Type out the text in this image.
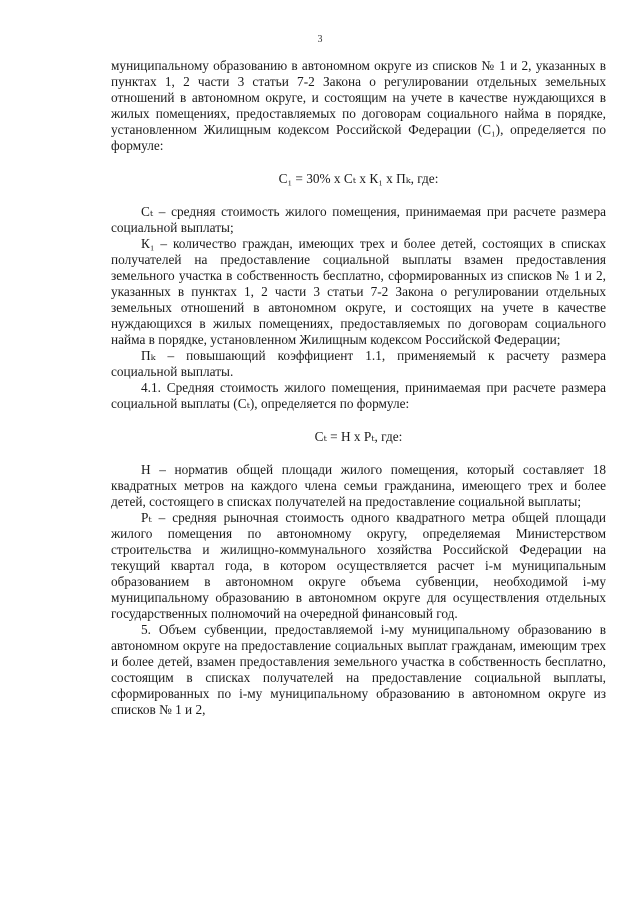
3

муниципальному образованию в автономном округе из списков № 1 и 2, указанных в пунктах 1, 2 части 3 статьи 7-2 Закона о регулировании отдельных земельных отношений в автономном округе, и состоящим на учете в качестве нуждающихся в жилых помещениях, предоставляемых по договорам социального найма в порядке, установленном Жилищным кодексом Российской Федерации (С₁), определяется по формуле:

С₁ = 30% х Сₜ х К₁ х Пₖ, где:

Сₜ – средняя стоимость жилого помещения, принимаемая при расчете размера социальной выплаты;

К₁ – количество граждан, имеющих трех и более детей, состоящих в списках получателей на предоставление социальной выплаты взамен предоставления земельного участка в собственность бесплатно, сформированных из списков № 1 и 2, указанных в пунктах 1, 2 части 3 статьи 7-2 Закона о регулировании отдельных земельных отношений в автономном округе, и состоящих на учете в качестве нуждающихся в жилых помещениях, предоставляемых по договорам социального найма в порядке, установленном Жилищным кодексом Российской Федерации;

Пₖ – повышающий коэффициент 1.1, применяемый к расчету размера социальной выплаты.

4.1. Средняя стоимость жилого помещения, принимаемая при расчете размера социальной выплаты (Сₜ), определяется по формуле:

Сₜ = Н х Рₜ, где:

Н – норматив общей площади жилого помещения, который составляет 18 квадратных метров на каждого члена семьи гражданина, имеющего трех и более детей, состоящего в списках получателей на предоставление социальной выплаты;

Рₜ – средняя рыночная стоимость одного квадратного метра общей площади жилого помещения по автономному округу, определяемая Министерством строительства и жилищно-коммунального хозяйства Российской Федерации на текущий квартал года, в котором осуществляется расчет i-м муниципальным образованием в автономном округе объема субвенции, необходимой i-му муниципальному образованию в автономном округе для осуществления отдельных государственных полномочий на очередной финансовый год.

5. Объем субвенции, предоставляемой i-му муниципальному образованию в автономном округе на предоставление социальных выплат гражданам, имеющим трех и более детей, взамен предоставления земельного участка в собственность бесплатно, состоящим в списках получателей на предоставление социальной выплаты, сформированных по i-му муниципальному образованию в автономном округе из списков № 1 и 2,
